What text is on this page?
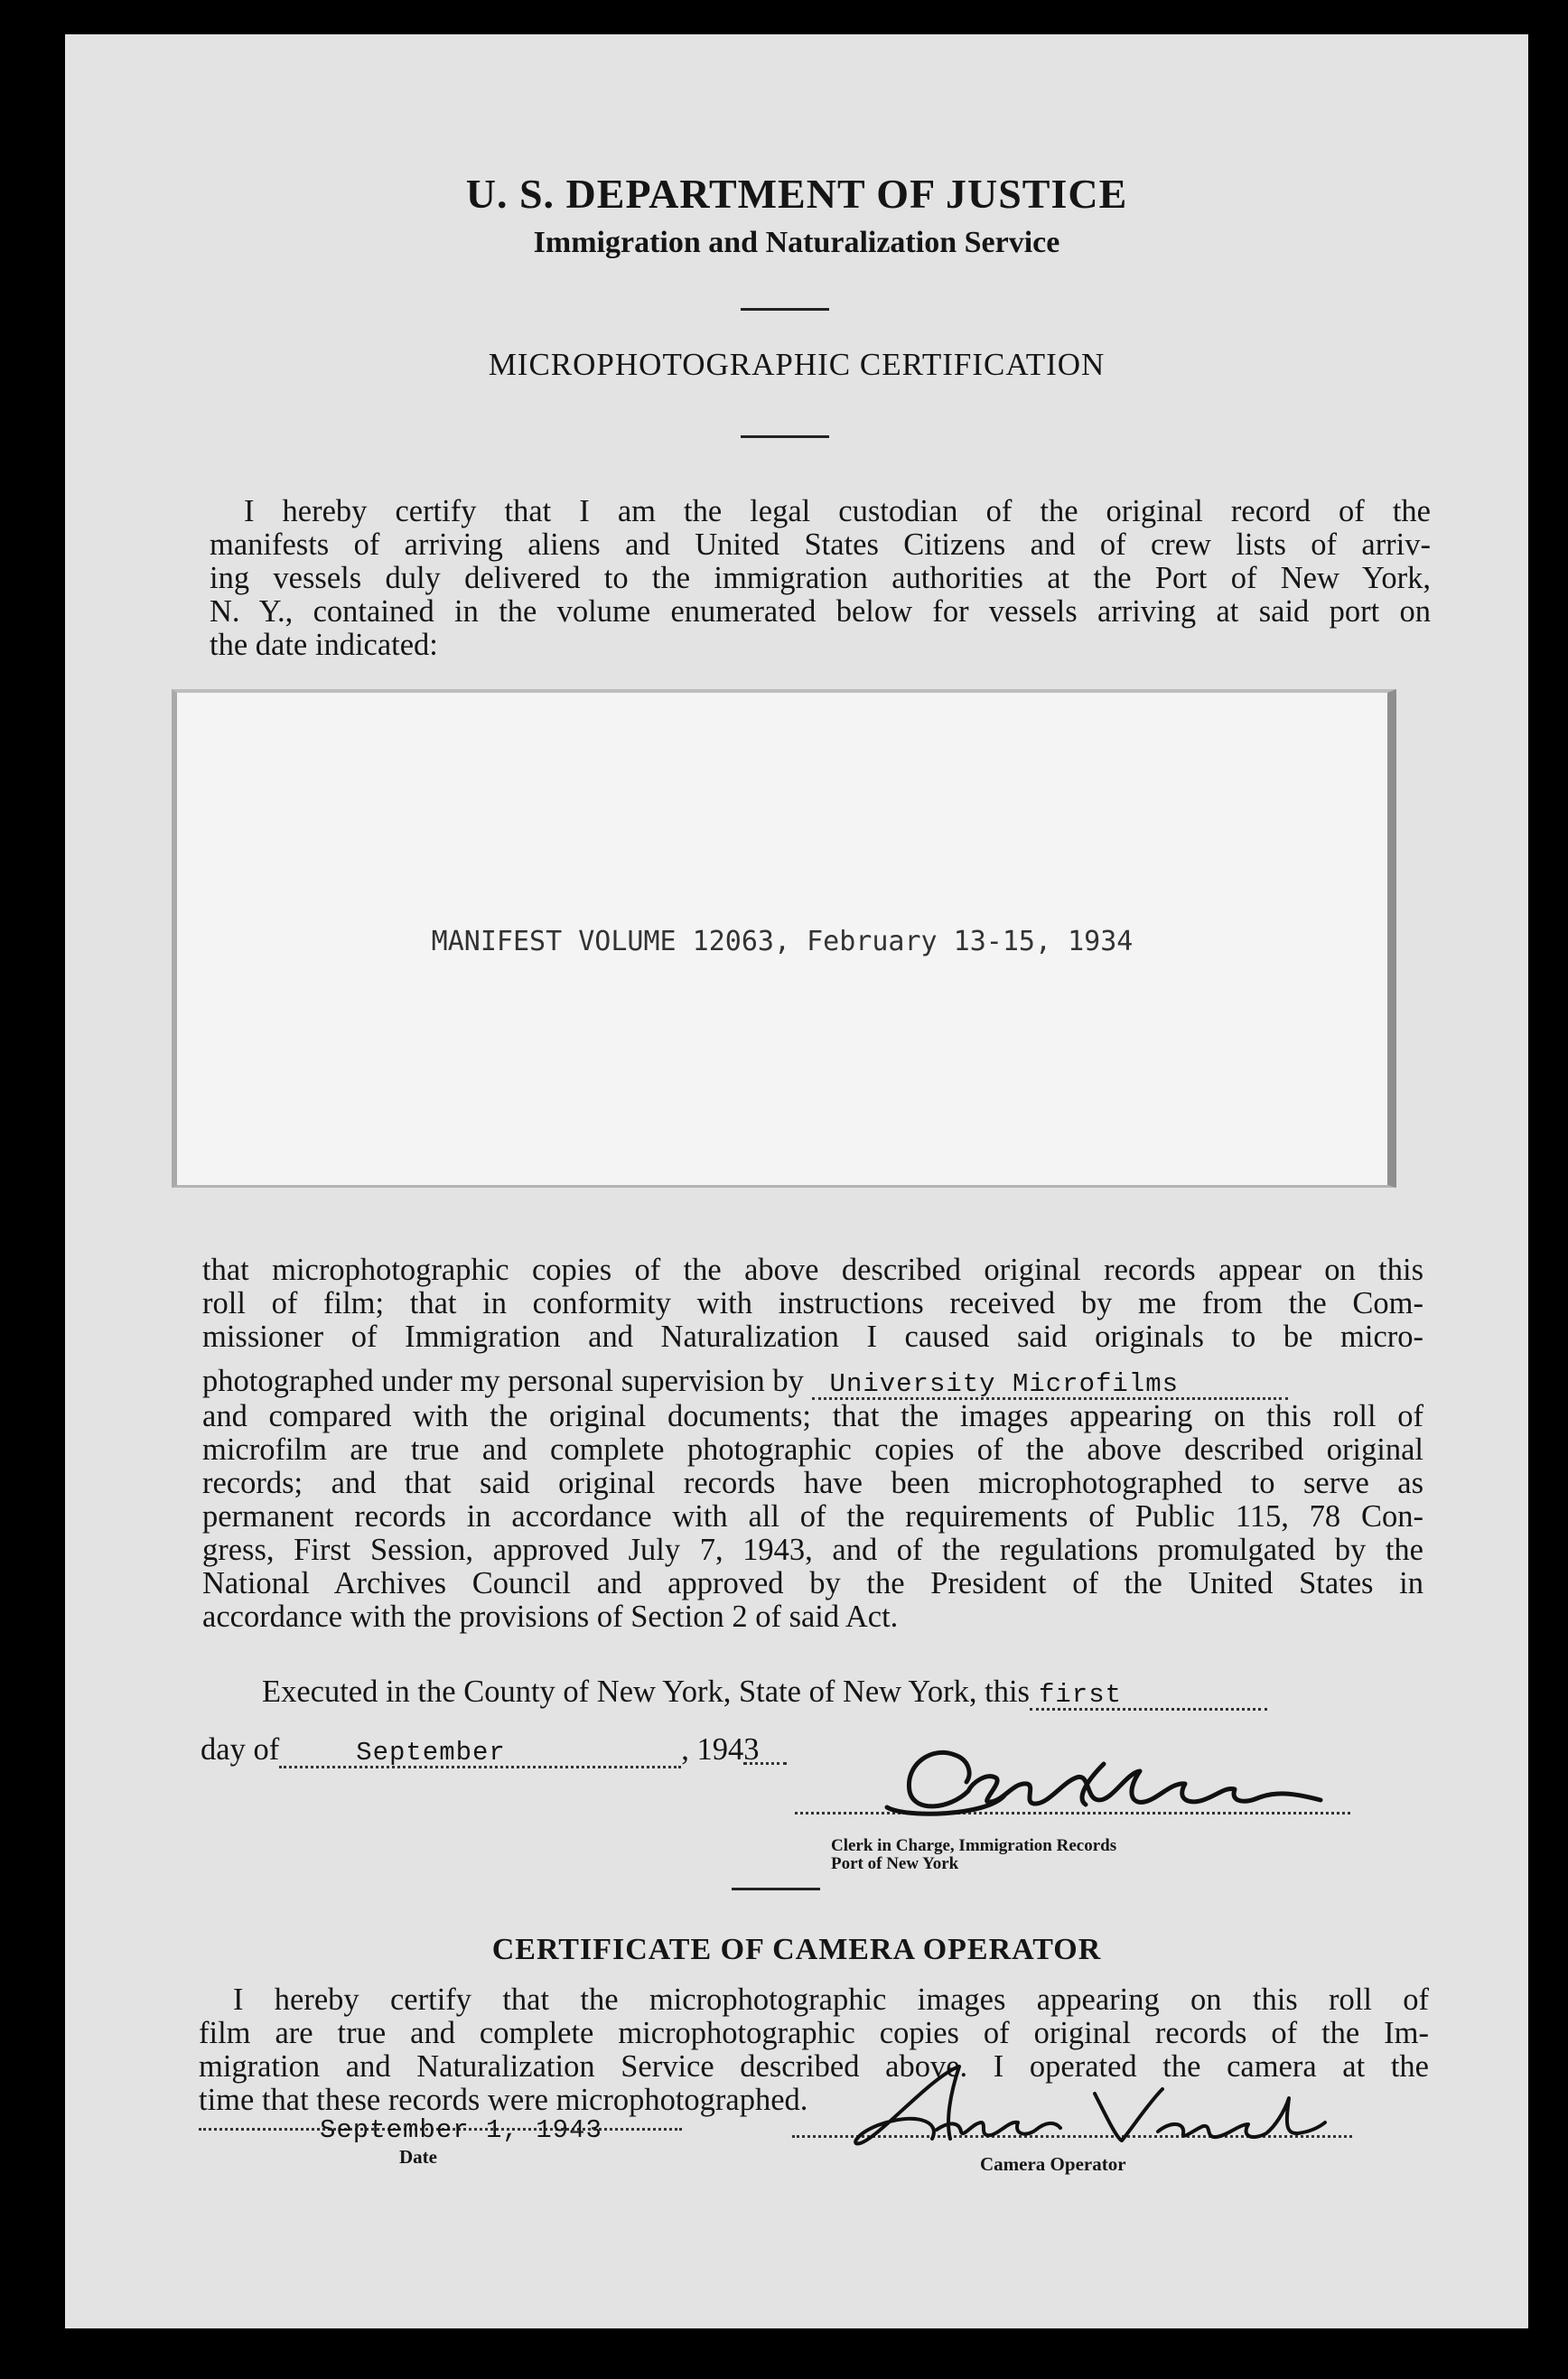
U. S. DEPARTMENT OF JUSTICE
Immigration and Naturalization Service
MICROPHOTOGRAPHIC CERTIFICATION
I hereby certify that I am the legal custodian of the original record of the
manifests of arriving aliens and United States Citizens and of crew lists of arriv-
ing vessels duly delivered to the immigration authorities at the Port of New York,
N. Y., contained in the volume enumerated below for vessels arriving at said port on
the date indicated:
MANIFEST VOLUME 12063, February 13-15, 1934
that microphotographic copies of the above described original records appear on this
roll of film; that in conformity with instructions received by me from the Com-
missioner of Immigration and Naturalization I caused said originals to be micro-
photographed under my personal supervision by University Microfilms
and compared with the original documents; that the images appearing on this roll of
microfilm are true and complete photographic copies of the above described original
records; and that said original records have been microphotographed to serve as
permanent records in accordance with all of the requirements of Public 115, 78 Con-
gress, First Session, approved July 7, 1943, and of the regulations promulgated by the
National Archives Council and approved by the President of the United States in
accordance with the provisions of Section 2 of said Act.
Executed in the County of New York, State of New York, this first
day of	September	, 1943
Clerk in Charge, Immigration Records
Port of New York
CERTIFICATE OF CAMERA OPERATOR
I hereby certify that the microphotographic images appearing on this roll of
film are true and complete microphotographic copies of original records of the Im-
migration and Naturalization Service described above. I operated the camera at the
time that these records were microphotographed.
September 1, 1943
Date	Camera Operator
